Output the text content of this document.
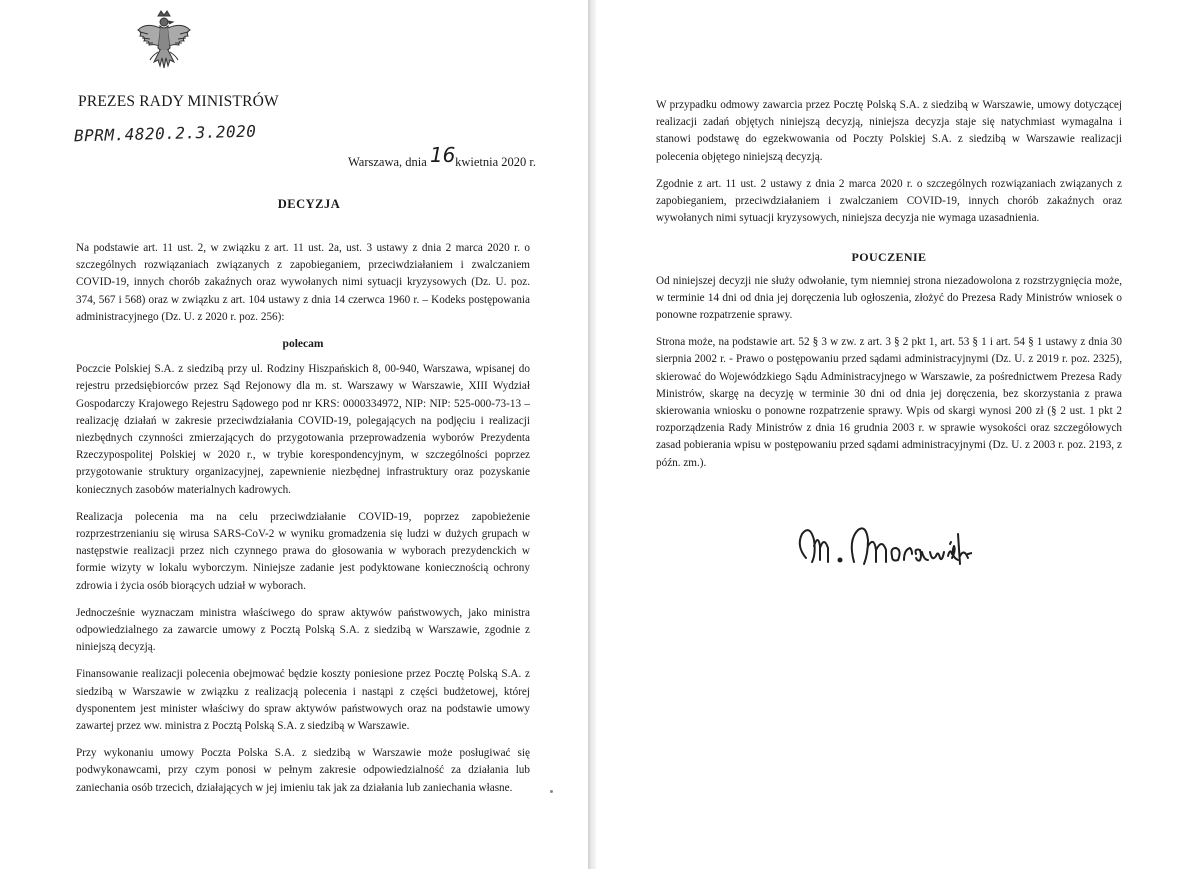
PREZES RADY MINISTRÓW
BPRM.4820.2.3.2020
Warszawa, dnia 16 kwietnia 2020 r.
DECYZJA

Na podstawie art. 11 ust. 2, w związku z art. 11 ust. 2a, ust. 3 ustawy z dnia 2 marca 2020 r. o szczególnych rozwiązaniach związanych z zapobieganiem, przeciwdziałaniem i zwalczaniem COVID-19, innych chorób zakaźnych oraz wywołanych nimi sytuacji kryzysowych (Dz. U. poz. 374, 567 i 568) oraz w związku z art. 104 ustawy z dnia 14 czerwca 1960 r. – Kodeks postępowania administracyjnego (Dz. U. z 2020 r. poz. 256):

polecam

Poczcie Polskiej S.A. z siedzibą przy ul. Rodziny Hiszpańskich 8, 00-940, Warszawa, wpisanej do rejestru przedsiębiorców przez Sąd Rejonowy dla m. st. Warszawy w Warszawie, XIII Wydział Gospodarczy Krajowego Rejestru Sądowego pod nr KRS: 0000334972, NIP: NIP: 525-000-73-13 – realizację działań w zakresie przeciwdziałania COVID-19, polegających na podjęciu i realizacji niezbędnych czynności zmierzających do przygotowania przeprowadzenia wyborów Prezydenta Rzeczypospolitej Polskiej w 2020 r., w trybie korespondencyjnym, w szczególności poprzez przygotowanie struktury organizacyjnej, zapewnienie niezbędnej infrastruktury oraz pozyskanie koniecznych zasobów materialnych kadrowych.

Realizacja polecenia ma na celu przeciwdziałanie COVID-19, poprzez zapobieżenie rozprzestrzenianiu się wirusa SARS-CoV-2 w wyniku gromadzenia się ludzi w dużych grupach w następstwie realizacji przez nich czynnego prawa do głosowania w wyborach prezydenckich w formie wizyty w lokalu wyborczym. Niniejsze zadanie jest podyktowane koniecznością ochrony zdrowia i życia osób biorących udział w wyborach.

Jednocześnie wyznaczam ministra właściwego do spraw aktywów państwowych, jako ministra odpowiedzialnego za zawarcie umowy z Pocztą Polską S.A. z siedzibą w Warszawie, zgodnie z niniejszą decyzją.

Finansowanie realizacji polecenia obejmować będzie koszty poniesione przez Pocztę Polską S.A. z siedzibą w Warszawie w związku z realizacją polecenia i nastąpi z części budżetowej, której dysponentem jest minister właściwy do spraw aktywów państwowych oraz na podstawie umowy zawartej przez ww. ministra z Pocztą Polską S.A. z siedzibą w Warszawie.

Przy wykonaniu umowy Poczta Polska S.A. z siedzibą w Warszawie może posługiwać się podwykonawcami, przy czym ponosi w pełnym zakresie odpowiedzialność za działania lub zaniechania osób trzecich, działających w jej imieniu tak jak za działania lub zaniechania własne.

W przypadku odmowy zawarcia przez Pocztę Polską S.A. z siedzibą w Warszawie, umowy dotyczącej realizacji zadań objętych niniejszą decyzją, niniejsza decyzja staje się natychmiast wymagalna i stanowi podstawę do egzekwowania od Poczty Polskiej S.A. z siedzibą w Warszawie realizacji polecenia objętego niniejszą decyzją.

Zgodnie z art. 11 ust. 2 ustawy z dnia 2 marca 2020 r. o szczególnych rozwiązaniach związanych z zapobieganiem, przeciwdziałaniem i zwalczaniem COVID-19, innych chorób zakaźnych oraz wywołanych nimi sytuacji kryzysowych, niniejsza decyzja nie wymaga uzasadnienia.

POUCZENIE

Od niniejszej decyzji nie służy odwołanie, tym niemniej strona niezadowolona z rozstrzygnięcia może, w terminie 14 dni od dnia jej doręczenia lub ogłoszenia, złożyć do Prezesa Rady Ministrów wniosek o ponowne rozpatrzenie sprawy.

Strona może, na podstawie art. 52 § 3 w zw. z art. 3 § 2 pkt 1, art. 53 § 1 i art. 54 § 1 ustawy z dnia 30 sierpnia 2002 r. - Prawo o postępowaniu przed sądami administracyjnymi (Dz. U. z 2019 r. poz. 2325), skierować do Wojewódzkiego Sądu Administracyjnego w Warszawie, za pośrednictwem Prezesa Rady Ministrów, skargę na decyzję w terminie 30 dni od dnia jej doręczenia, bez skorzystania z prawa skierowania wniosku o ponowne rozpatrzenie sprawy. Wpis od skargi wynosi 200 zł (§ 2 ust. 1 pkt 2 rozporządzenia Rady Ministrów z dnia 16 grudnia 2003 r. w sprawie wysokości oraz szczegółowych zasad pobierania wpisu w postępowaniu przed sądami administracyjnymi (Dz. U. z 2003 r. poz. 2193, z późn. zm.).
